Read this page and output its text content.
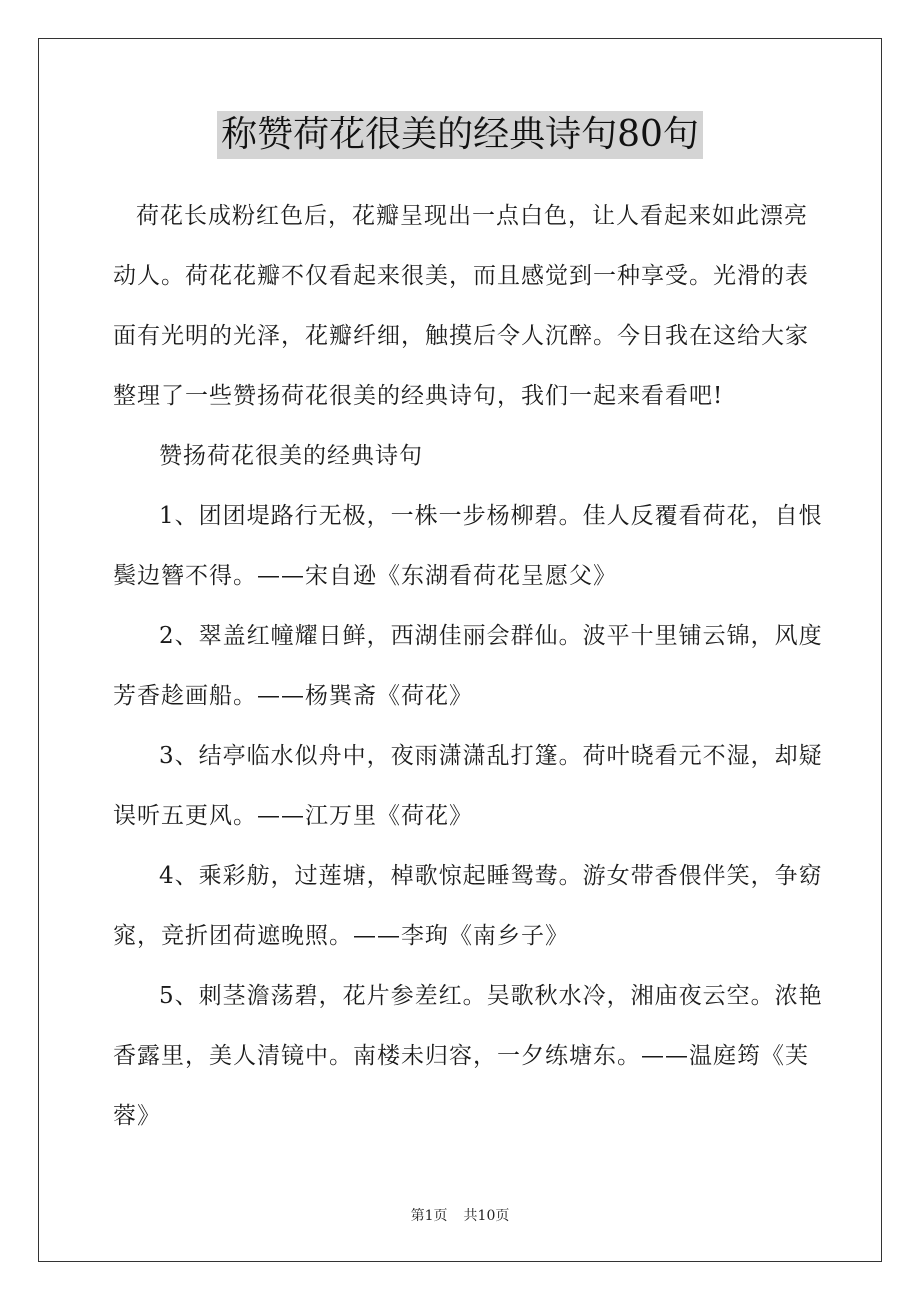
称赞荷花很美的经典诗句80句

荷花长成粉红色后，花瓣呈现出一点白色，让人看起来如此漂亮动人。荷花花瓣不仅看起来很美，而且感觉到一种享受。光滑的表面有光明的光泽，花瓣纤细，触摸后令人沉醉。今日我在这给大家整理了一些赞扬荷花很美的经典诗句，我们一起来看看吧!

赞扬荷花很美的经典诗句

1、团团堤路行无极，一株一步杨柳碧。佳人反覆看荷花，自恨鬓边簪不得。——宋自逊《东湖看荷花呈愿父》

2、翠盖红幢耀日鲜，西湖佳丽会群仙。波平十里铺云锦，风度芳香趁画船。——杨巽斋《荷花》

3、结亭临水似舟中，夜雨潇潇乱打篷。荷叶晓看元不湿，却疑误听五更风。——江万里《荷花》

4、乘彩舫，过莲塘，棹歌惊起睡鸳鸯。游女带香偎伴笑，争窈窕，竞折团荷遮晚照。——李珣《南乡子》

5、刺茎澹荡碧，花片参差红。吴歌秋水冷，湘庙夜云空。浓艳香露里，美人清镜中。南楼未归容，一夕练塘东。——温庭筠《芙蓉》

第1页 共10页
